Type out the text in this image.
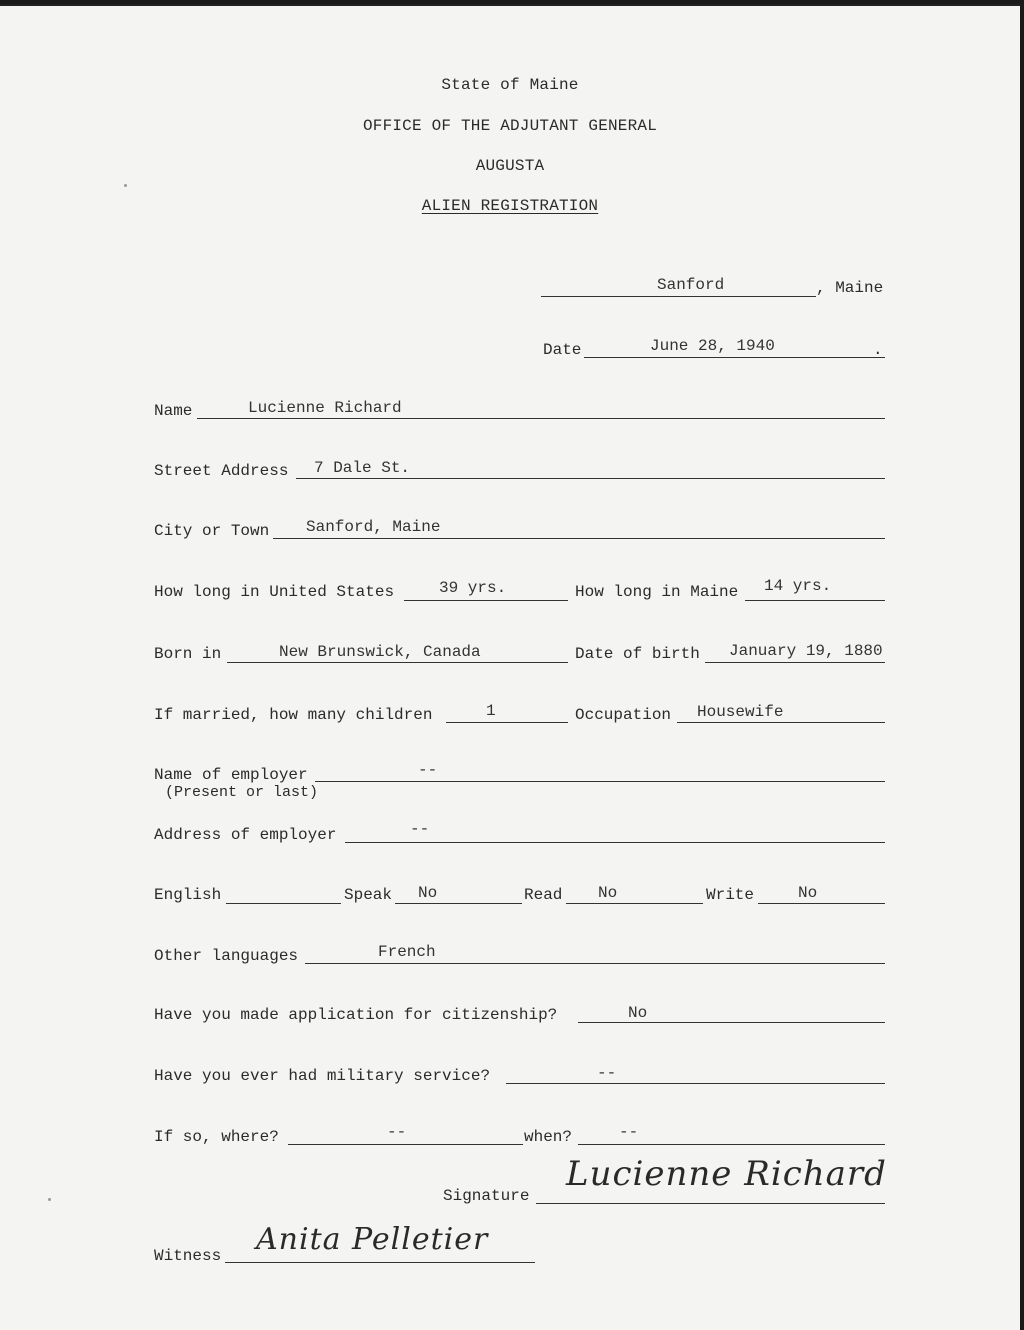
State of Maine
OFFICE OF THE ADJUTANT GENERAL
AUGUSTA
ALIEN REGISTRATION
Sanford	, Maine
Date	June 28, 1940	.
Name	Lucienne Richard
Street Address 7 Dale St.
City or Town Sanford, Maine
How long in United States	39 yrs.	How long in Maine 14 yrs.
Born in	New Brunswick, Canada	Date of birth January 19, 1880
If married, how many children	1	Occupation Housewife
Name of employer
(Present or last)
--
Address of employer	--
English	Speak No	Read No	Write	No
Other languages	French
Have you made application for citizenship?	No
Have you ever had military service?	--
If so, where?	--	when?	--
Signature
Lucienne Richard
Witness Anita Pelletier
